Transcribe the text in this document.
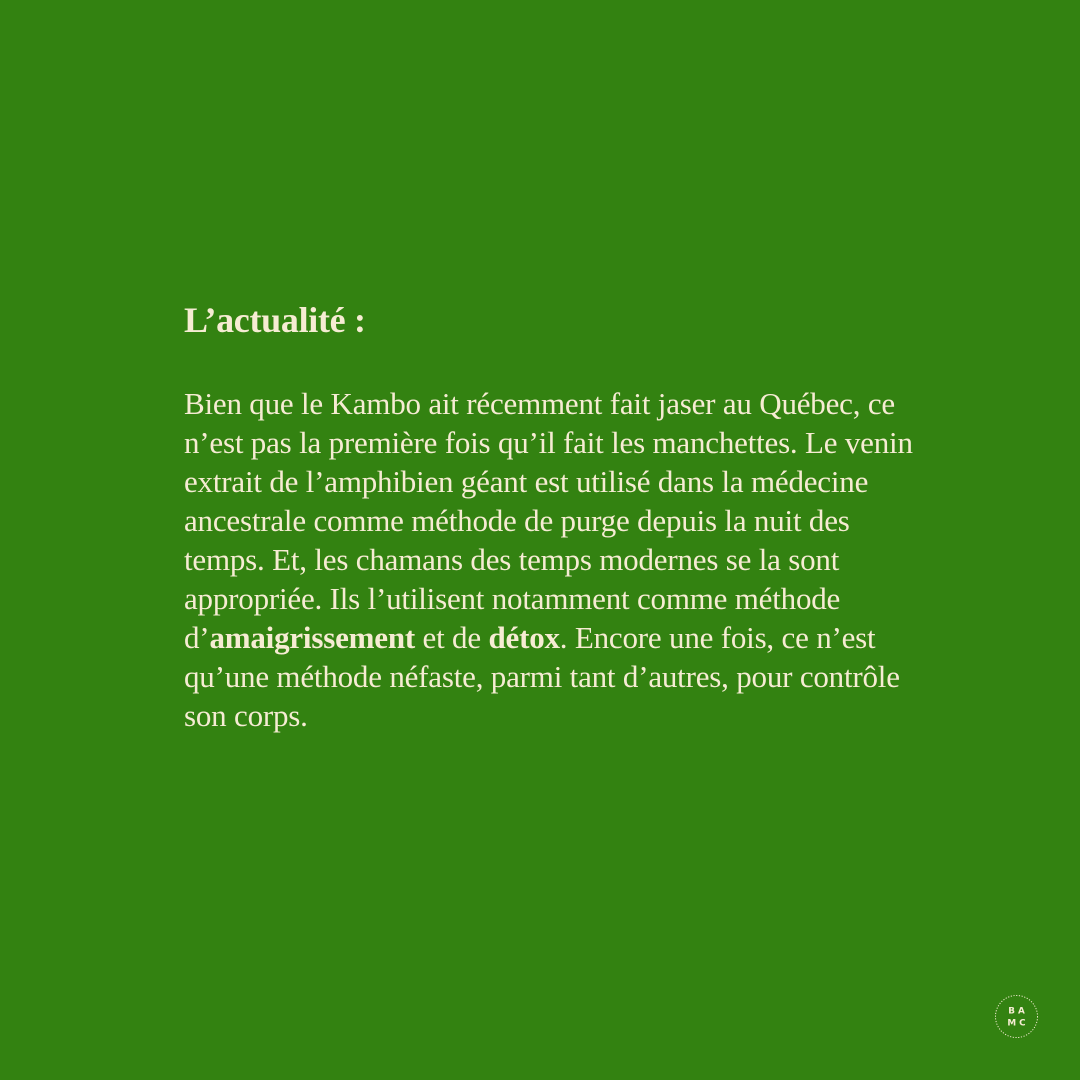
L’actualité :

Bien que le Kambo ait récemment fait jaser au Québec, ce n’est pas la première fois qu’il fait les manchettes. Le venin extrait de l’amphibien géant est utilisé dans la médecine ancestrale comme méthode de purge depuis la nuit des temps. Et, les chamans des temps modernes se la sont appropriée. Ils l’utilisent notamment comme méthode d’amaigrissement et de détox. Encore une fois, ce n’est qu’une méthode néfaste, parmi tant d’autres, pour contrôle son corps.

B A
M C
